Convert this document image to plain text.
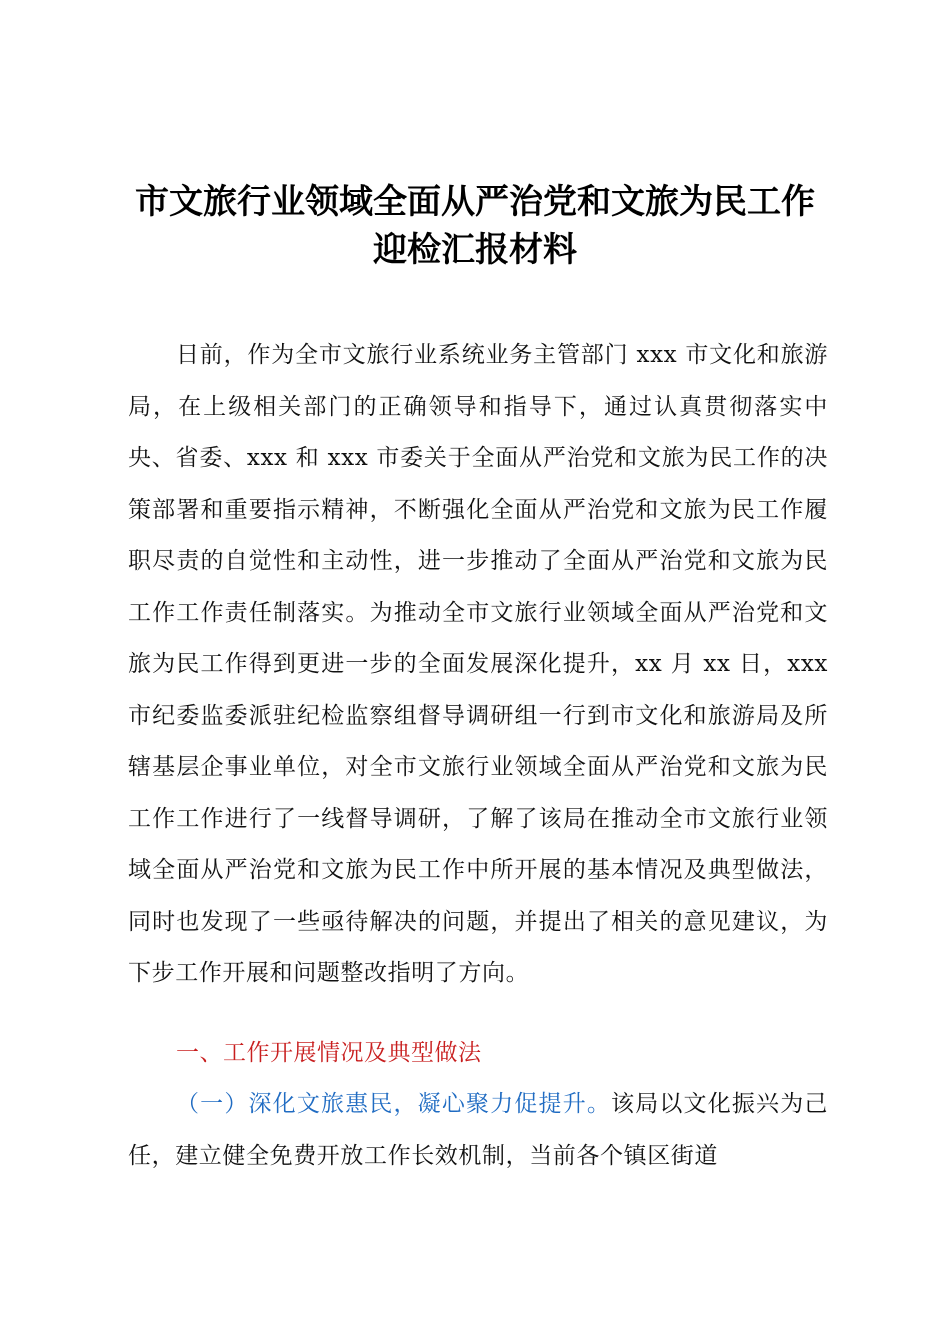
市文旅行业领域全面从严治党和文旅为民工作
迎检汇报材料

日前，作为全市文旅行业系统业务主管部门 xxx 市文化和旅游局，在上级相关部门的正确领导和指导下，通过认真贯彻落实中央、省委、xxx 和 xxx 市委关于全面从严治党和文旅为民工作的决策部署和重要指示精神，不断强化全面从严治党和文旅为民工作履职尽责的自觉性和主动性，进一步推动了全面从严治党和文旅为民工作工作责任制落实。为推动全市文旅行业领域全面从严治党和文旅为民工作得到更进一步的全面发展深化提升，xx 月 xx 日，xxx 市纪委监委派驻纪检监察组督导调研组一行到市文化和旅游局及所辖基层企事业单位，对全市文旅行业领域全面从严治党和文旅为民工作工作进行了一线督导调研，了解了该局在推动全市文旅行业领域全面从严治党和文旅为民工作中所开展的基本情况及典型做法，同时也发现了一些亟待解决的问题，并提出了相关的意见建议，为下步工作开展和问题整改指明了方向。

一、工作开展情况及典型做法

（一）深化文旅惠民，凝心聚力促提升。该局以文化振兴为己任，建立健全免费开放工作长效机制，当前各个镇区街道
